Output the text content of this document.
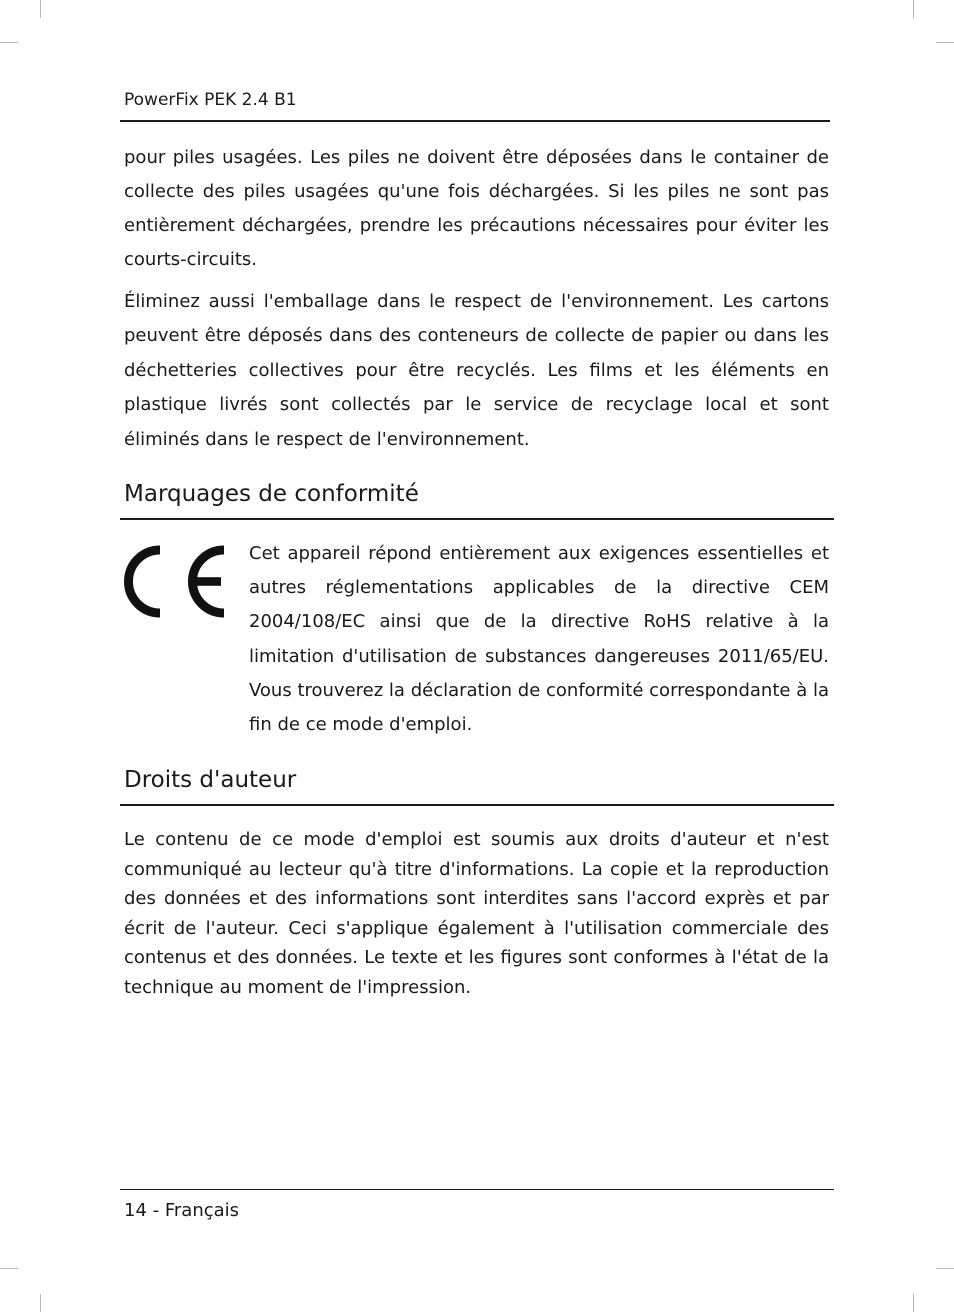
PowerFix PEK 2.4 B1

pour piles usagées. Les piles ne doivent être déposées dans le container de collecte des piles usagées qu'une fois déchargées. Si les piles ne sont pas entièrement déchargées, prendre les précautions nécessaires pour éviter les courts-circuits.

Éliminez aussi l'emballage dans le respect de l'environnement. Les cartons peuvent être déposés dans des conteneurs de collecte de papier ou dans les déchetteries collectives pour être recyclés. Les films et les éléments en plastique livrés sont collectés par le service de recyclage local et sont éliminés dans le respect de l'environnement.

Marquages de conformité

Cet appareil répond entièrement aux exigences essentielles et autres réglementations applicables de la directive CEM 2004/108/EC ainsi que de la directive RoHS relative à la limitation d'utilisation de substances dangereuses 2011/65/EU. Vous trouverez la déclaration de conformité correspondante à la fin de ce mode d'emploi.

Droits d'auteur

Le contenu de ce mode d'emploi est soumis aux droits d'auteur et n'est communiqué au lecteur qu'à titre d'informations. La copie et la reproduction des données et des informations sont interdites sans l'accord exprès et par écrit de l'auteur. Ceci s'applique également à l'utilisation commerciale des contenus et des données. Le texte et les figures sont conformes à l'état de la technique au moment de l'impression.

14 - Français
